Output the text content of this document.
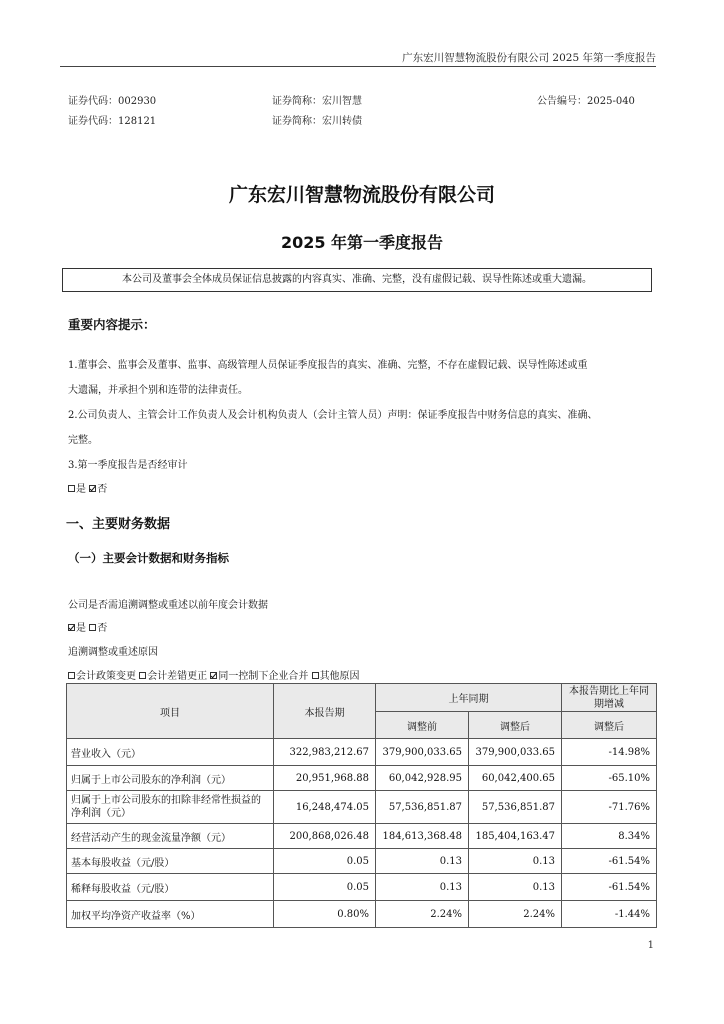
广东宏川智慧物流股份有限公司 2025 年第一季度报告
证券代码：002930	证券简称：宏川智慧	公告编号：2025-040
证券代码：128121	证券简称：宏川转债
广东宏川智慧物流股份有限公司
2025 年第一季度报告
本公司及董事会全体成员保证信息披露的内容真实、准确、完整，没有虚假记载、误导性陈述或重大遗漏。
重要内容提示：
1.董事会、监事会及董事、监事、高级管理人员保证季度报告的真实、准确、完整，不存在虚假记载、误导性陈述或重
大遗漏，并承担个别和连带的法律责任。
2.公司负责人、主管会计工作负责人及会计机构负责人（会计主管人员）声明：保证季度报告中财务信息的真实、准确、
完整。
3.第一季度报告是否经审计
是 否
一、主要财务数据
（一）主要会计数据和财务指标
公司是否需追溯调整或重述以前年度会计数据
是 否
追溯调整或重述原因
会计政策变更 会计差错更正 同一控制下企业合并 其他原因
项目	本报告期	上年同期		本报告期比上年同期增减
		调整前	调整后	调整后
营业收入（元）	322,983,212.67	379,900,033.65	379,900,033.65	-14.98%
归属于上市公司股东的净利润（元）	20,951,968.88	60,042,928.95	60,042,400.65	-65.10%
归属于上市公司股东的扣除非经常性损益的净利润（元）	16,248,474.05	57,536,851.87	57,536,851.87	-71.76%
经营活动产生的现金流量净额（元）	200,868,026.48	184,613,368.48	185,404,163.47	8.34%
基本每股收益（元/股）	0.05	0.13	0.13	-61.54%
稀释每股收益（元/股）	0.05	0.13	0.13	-61.54%
加权平均净资产收益率（%）	0.80%	2.24%	2.24%	-1.44%
1
